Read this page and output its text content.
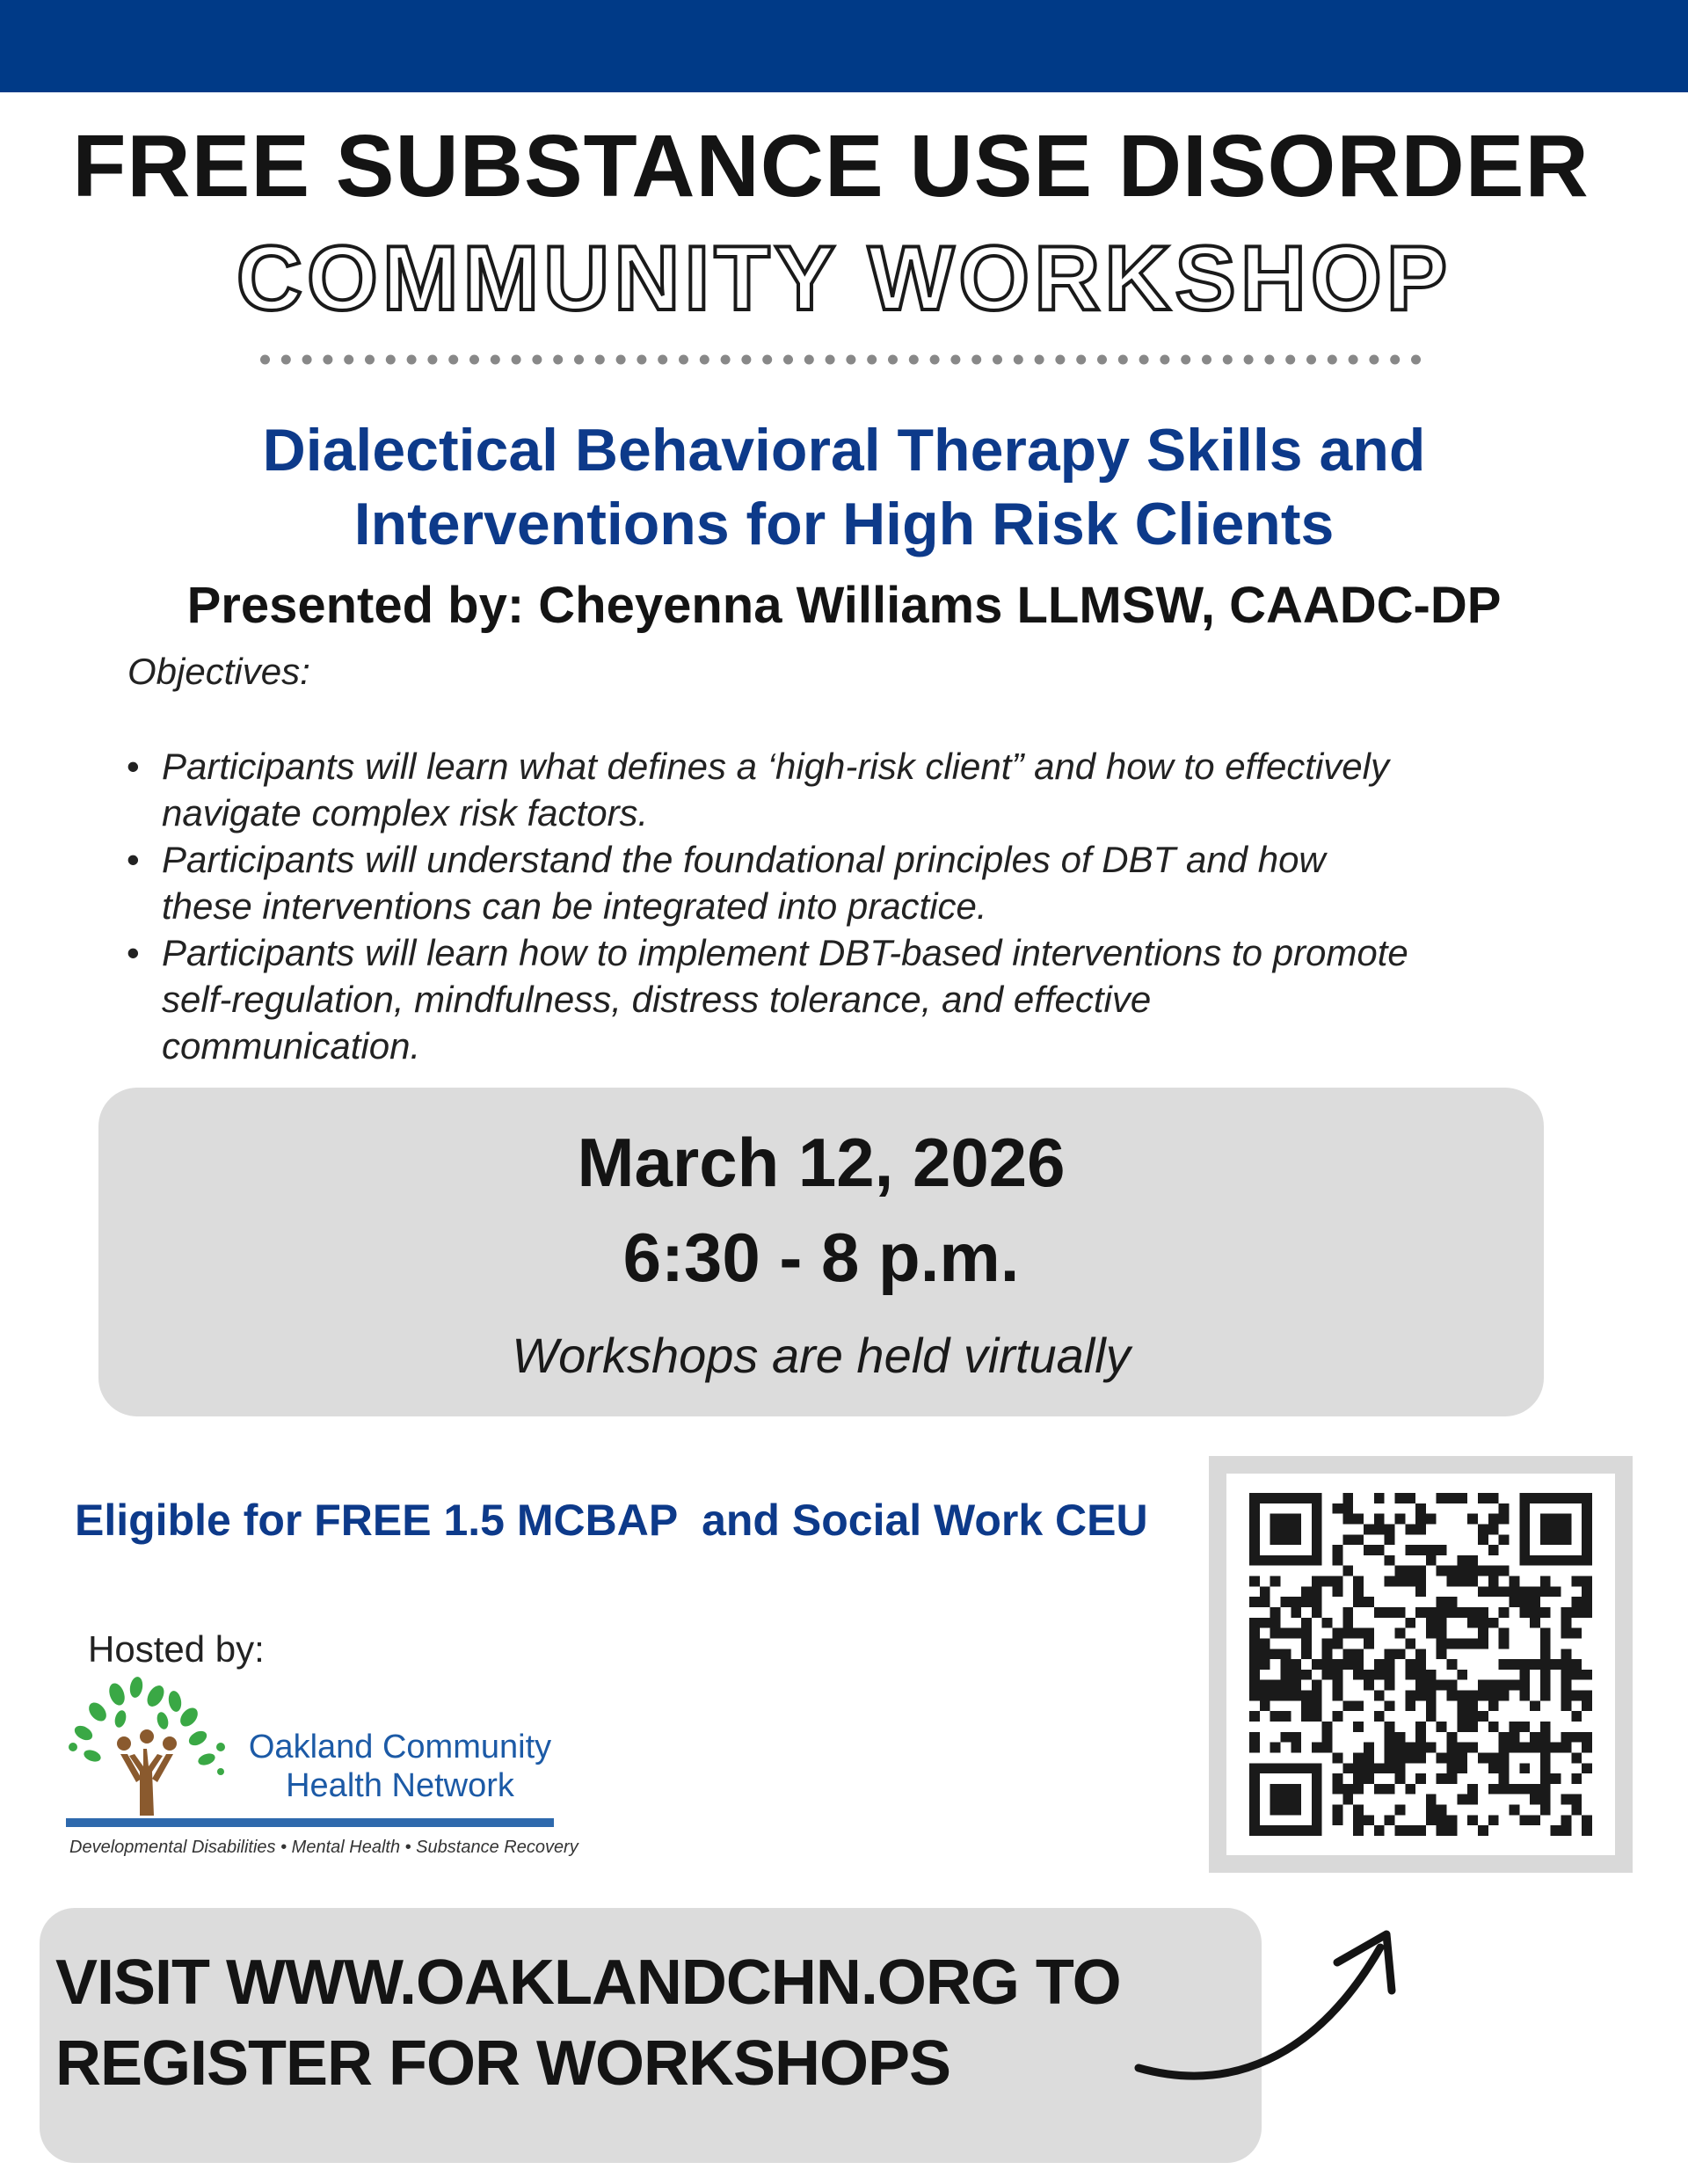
FREE SUBSTANCE USE DISORDER
COMMUNITY WORKSHOP
Dialectical Behavioral Therapy Skills and
Interventions for High Risk Clients
Presented by: Cheyenna Williams LLMSW, CAADC-DP
Objectives:
• Participants will learn what defines a ‘high-risk client” and how to effectively
navigate complex risk factors.
• Participants will understand the foundational principles of DBT and how
these interventions can be integrated into practice.
• Participants will learn how to implement DBT-based interventions to promote
self-regulation, mindfulness, distress tolerance, and effective
communication.
March 12, 2026
6:30 - 8 p.m.
Workshops are held virtually
Eligible for FREE 1.5 MCBAP  and Social Work CEU
Hosted by:
Oakland Community
Health Network
Developmental Disabilities • Mental Health • Substance Recovery
VISIT WWW.OAKLANDCHN.ORG TO
REGISTER FOR WORKSHOPS
